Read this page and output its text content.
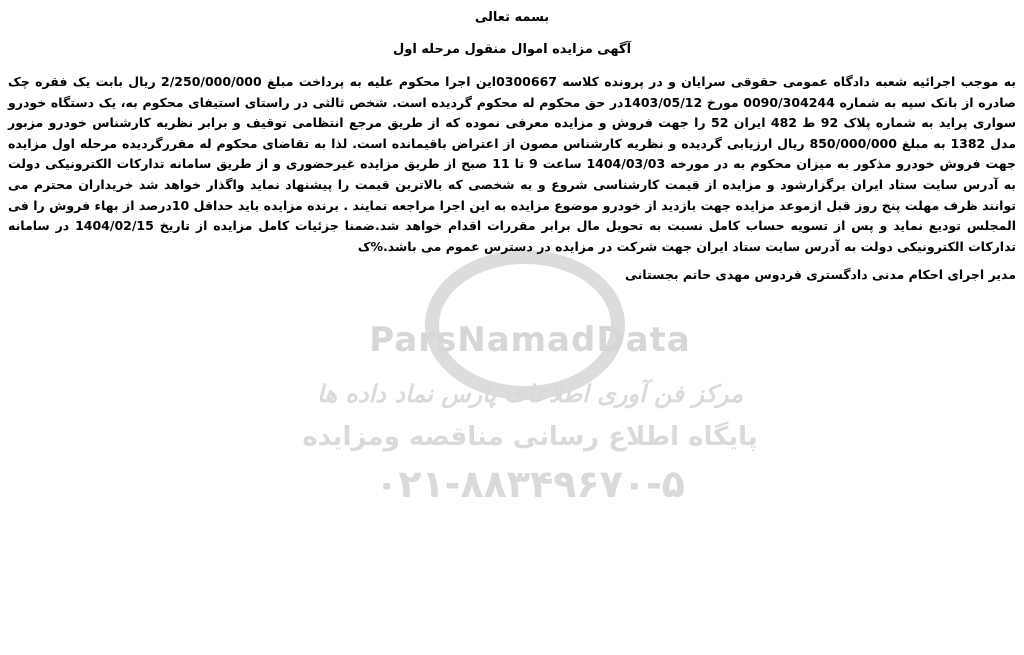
ParsNamadData
مرکز فن آوری اطلاعات پارس نماد داده ها
پایگاه اطلاع رسانی مناقصه ومزایده
۰۲۱-۸۸۳۴۹۶۷۰-۵
بسمه تعالی
آگهی مزایده اموال منقول مرحله اول
به موجب اجرائیه شعبه دادگاه عمومی حقوقی سرایان و در پرونده کلاسه 0300667این اجرا محکوم علیه به پرداخت مبلغ 2/250/000/000 ریال بابت یک فقره چک صادره از بانک سپه به شماره 0090/304244 مورخ 1403/05/12در حق محکوم له محکوم گردیده است. شخص ثالثی در راستای استیفای محکوم به، یک دستگاه خودرو سواری پراید به شماره پلاک 92 ط 482 ایران 52 را جهت فروش و مزایده معرفی نموده که از طریق مرجع انتظامی توقیف و برابر نظریه کارشناس خودرو مزبور مدل 1382 به مبلغ 850/000/000 ریال ارزیابی گردیده و نظریه کارشناس مصون از اعتراض باقیمانده است. لذا به تقاضای محکوم له مقررگردیده مرحله اول مزایده جهت فروش خودرو مذکور به میزان محکوم به در مورخه 1404/03/03 ساعت 9 تا 11 صبح از طریق مزایده غیرحضوری و از طریق سامانه تدارکات الکترونیکی دولت به آدرس سایت ستاد ایران برگزارشود و مزایده از قیمت کارشناسی شروع و به شخصی که بالاترین قیمت را پیشنهاد نماید واگذار خواهد شد خریداران محترم می توانند ظرف مهلت پنج روز قبل ازموعد مزایده جهت بازدید از خودرو موضوع مزایده به این اجرا مراجعه نمایند . برنده مزایده باید حداقل 10درصد از بهاء فروش را فی المجلس تودیع نماید و پس از تسویه حساب کامل نسبت به تحویل مال برابر مقررات اقدام خواهد شد.ضمنا جزئیات کامل مزایده از تاریخ 1404/02/15 در سامانه تدارکات الکترونیکی دولت به آدرس سایت ستاد ایران جهت شرکت در مزایده در دسترس عموم می باشد.%ک
مدیر اجرای احکام مدنی دادگستری فردوس مهدی حاتم بجستانی
